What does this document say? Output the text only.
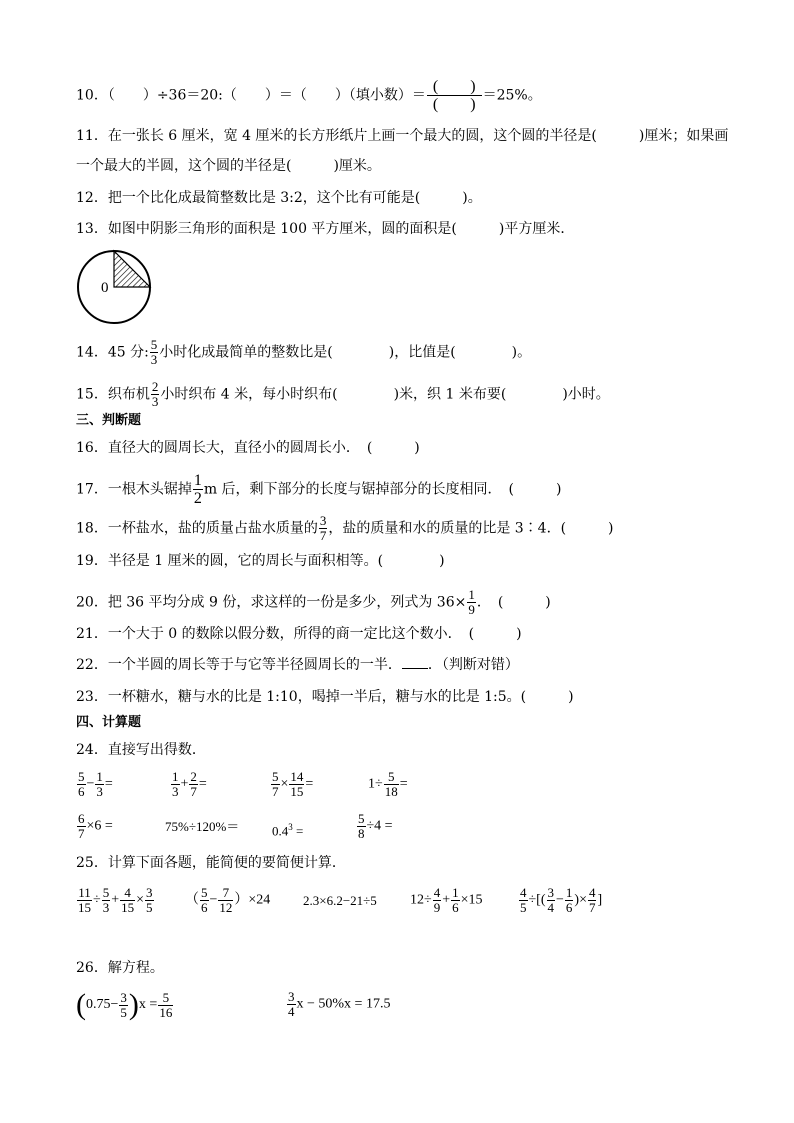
10．（　　）÷36＝20:（　　）＝（　　）（填小数）＝
(　　)
(　　)
＝25%。
11．在一张长 6 厘米，宽 4 厘米的长方形纸片上画一个最大的圆，这个圆的半径是(　　　)厘米；如果画
一个最大的半圆，这个圆的半径是(　　　)厘米。
12．把一个比化成最简整数比是 3:2，这个比有可能是(　　　)。
13．如图中阴影三角形的面积是 100 平方厘米，圆的面积是(　　　)平方厘米．
0
14．45 分: $\frac{5}{3}$ 小时化成最简单的整数比是(　　　　)，比值是(　　　　)。
15．织布机 $\frac{2}{3}$ 小时织布 4 米，每小时织布(　　　　)米，织 1 米布要(　　　　)小时。
三、判断题
16．直径大的圆周长大，直径小的圆周长小．　(　　　)
17．一根木头锯掉 $\frac{1}{2}$ m 后，剩下部分的长度与锯掉部分的长度相同．　(　　　)
18．一杯盐水，盐的质量占盐水质量的 $\frac{3}{7}$ ，盐的质量和水的质量的比是 3∶4．(　　　)
19．半径是 1 厘米的圆，它的周长与面积相等。(　　　　)
20．把 36 平均分成 9 份，求这样的一份是多少，列式为 $36\times \frac{1}{9}$ ．　(　　　)
21．一个大于 0 的数除以假分数，所得的商一定比这个数小．　(　　　)
22．一个半圆的周长等于与它等半径圆周长的一半． ．（判断对错）
23．一杯糖水，糖与水的比是 1:10，喝掉一半后，糖与水的比是 1:5。(　　　)
四、计算题
24．直接写出得数．
$\frac{5}{6} - \frac{1}{3}$ =	$\frac{1}{3} + \frac{2}{7}$ =	$\frac{5}{7} \times \frac{14}{15}$ =	$1\div \frac{5}{18}$ =
$\frac{6}{7} \times 6$ =	75%÷120%＝	$0.4^3$ =	$\frac{5}{8} \div 4$ =
25．计算下面各题，能简便的要简便计算．
$\frac{11}{15} \div \frac{5}{3} + \frac{4}{15} \times \frac{3}{5}$ （ $\frac{5}{6} - \frac{7}{12} )\times 24$	2.3×6.2−21÷5 $12\div \frac{4}{9} + \frac{1}{6} \times 15$	$\frac{4}{5}$ ÷[( $\frac{3}{4} - \frac{1}{6}$ )× $\frac{4}{7}$ ]
26．解方程。
$(0.75- \frac{3}{5} )x = \frac{5}{16}$	$\frac{3}{4}$ x − 50%x = 17.5
